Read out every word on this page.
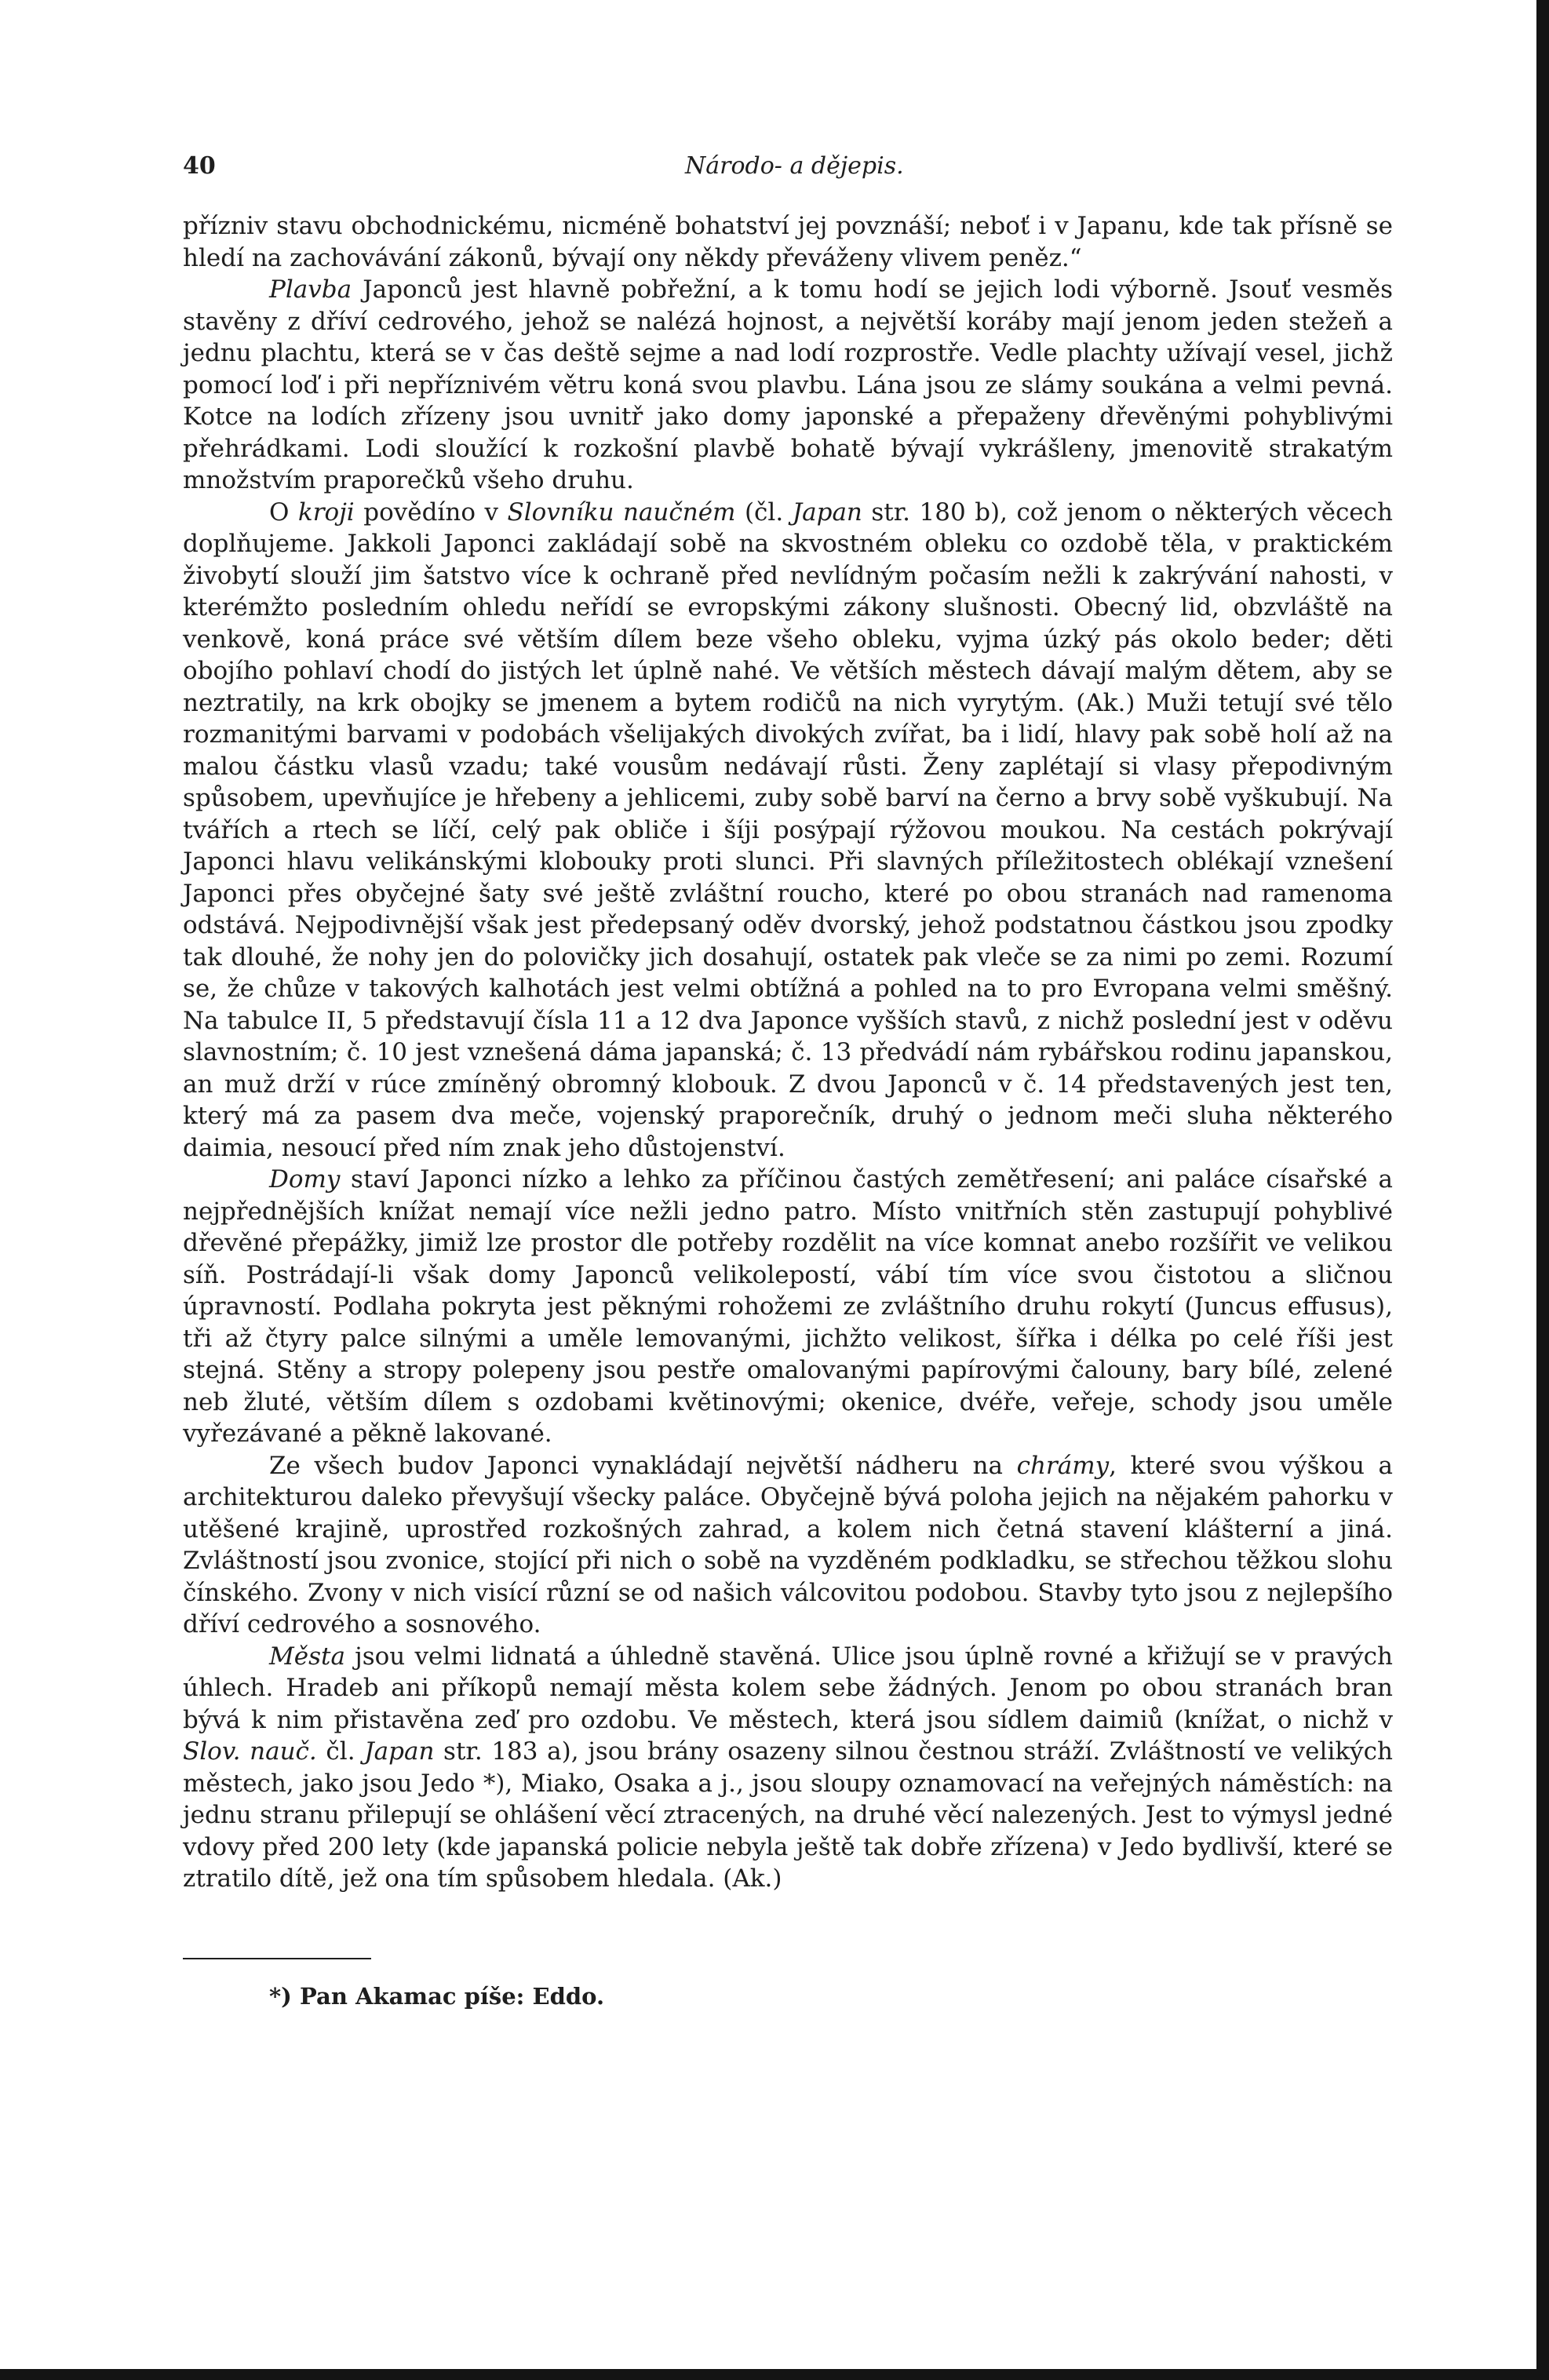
40	Národo- a dějepis.

přízniv stavu obchodnickému, nicméně bohatství jej povznáší; neboť i v Japanu, kde tak přísně se hledí na zachovávání zákonů, bývají ony někdy převáženy vlivem peněz.“

Plavba Japonců jest hlavně pobřežní, a k tomu hodí se jejich lodi výborně. Jsouť vesměs stavěny z dříví cedrového, jehož se nalézá hojnost, a největší koráby mají jenom jeden stežeň a jednu plachtu, která se v čas deště sejme a nad lodí rozprostře. Vedle plachty užívají vesel, jichž pomocí loď i při nepříznivém větru koná svou plavbu. Lána jsou ze slámy soukána a velmi pevná. Kotce na lodích zřízeny jsou uvnitř jako domy japonské a přepaženy dřevěnými pohyblivými přehrádkami. Lodi sloužící k rozkošní plavbě bohatě bývají vykrášleny, jmenovitě strakatým množstvím praporečků všeho druhu.

O kroji povědíno v Slovníku naučném (čl. Japan str. 180 b), což jenom o některých věcech doplňujeme. Jakkoli Japonci zakládají sobě na skvostném obleku co ozdobě těla, v praktickém živobytí slouží jim šatstvo více k ochraně před nevlídným počasím nežli k zakrývání nahosti, v kterémžto posledním ohledu neřídí se evropskými zákony slušnosti. Obecný lid, obzvláště na venkově, koná práce své větším dílem beze všeho obleku, vyjma úzký pás okolo beder; děti obojího pohlaví chodí do jistých let úplně nahé. Ve větších městech dávají malým dětem, aby se neztratily, na krk obojky se jmenem a bytem rodičů na nich vyrytým. (Ak.) Muži tetují své tělo rozmanitými barvami v podobách všelijakých divokých zvířat, ba i lidí, hlavy pak sobě holí až na malou částku vlasů vzadu; také vousům nedávají růsti. Ženy zaplétají si vlasy přepodivným spůsobem, upevňujíce je hřebeny a jehlicemi, zuby sobě barví na černo a brvy sobě vyškubují. Na tvářích a rtech se líčí, celý pak obliče i šíji posýpají rýžovou moukou. Na cestách pokrývají Japonci hlavu velikánskými klobouky proti slunci. Při slavných příležitostech oblékají vznešení Japonci přes obyčejné šaty své ještě zvláštní roucho, které po obou stranách nad ramenoma odstává. Nejpodivnější však jest předepsaný oděv dvorský, jehož podstatnou částkou jsou zpodky tak dlouhé, že nohy jen do polovičky jich dosahují, ostatek pak vleče se za nimi po zemi. Rozumí se, že chůze v takových kalhotách jest velmi obtížná a pohled na to pro Evropana velmi směšný. Na tabulce II, 5 představují čísla 11 a 12 dva Japonce vyšších stavů, z nichž poslední jest v oděvu slavnostním; č. 10 jest vznešená dáma japanská; č. 13 předvádí nám rybářskou rodinu japanskou, an muž drží v rúce zmíněný obromný klobouk. Z dvou Japonců v č. 14 představených jest ten, který má za pasem dva meče, vojenský praporečník, druhý o jednom meči sluha některého daimia, nesoucí před ním znak jeho důstojenství.

Domy staví Japonci nízko a lehko za příčinou častých zemětřesení; ani paláce císařské a nejpřednějších knížat nemají více nežli jedno patro. Místo vnitřních stěn zastupují pohyblivé dřevěné přepážky, jimiž lze prostor dle potřeby rozdělit na více komnat anebo rozšířit ve velikou síň. Postrádají-li však domy Japonců velikolepostí, vábí tím více svou čistotou a sličnou úpravností. Podlaha pokryta jest pěknými rohožemi ze zvláštního druhu rokytí (Juncus effusus), tři až čtyry palce silnými a uměle lemovanými, jichžto velikost, šířka i délka po celé říši jest stejná. Stěny a stropy polepeny jsou pestře omalovanými papírovými čalouny, bary bílé, zelené neb žluté, větším dílem s ozdobami květinovými; okenice, dvéře, veřeje, schody jsou uměle vyřezávané a pěkně lakované.

Ze všech budov Japonci vynakládají největší nádheru na chrámy, které svou výškou a architekturou daleko převyšují všecky paláce. Obyčejně bývá poloha jejich na nějakém pahorku v utěšené krajině, uprostřed rozkošných zahrad, a kolem nich četná stavení klášterní a jiná. Zvláštností jsou zvonice, stojící při nich o sobě na vyzděném podkladku, se střechou těžkou slohu čínského. Zvony v nich visící různí se od našich válcovitou podobou. Stavby tyto jsou z nejlepšího dříví cedrového a sosnového.

Města jsou velmi lidnatá a úhledně stavěná. Ulice jsou úplně rovné a křižují se v pravých úhlech. Hradeb ani příkopů nemají města kolem sebe žádných. Jenom po obou stranách bran bývá k nim přistavěna zeď pro ozdobu. Ve městech, která jsou sídlem daimiů (knížat, o nichž v Slov. nauč. čl. Japan str. 183 a), jsou brány osazeny silnou čestnou stráží. Zvláštností ve velikých městech, jako jsou Jedo *), Miako, Osaka a j., jsou sloupy oznamovací na veřejných náměstích: na jednu stranu přilepují se ohlášení věcí ztracených, na druhé věcí nalezených. Jest to výmysl jedné vdovy před 200 lety (kde japanská policie nebyla ještě tak dobře zřízena) v Jedo bydlivší, které se ztratilo dítě, jež ona tím spůsobem hledala. (Ak.)

*) Pan Akamac píše: Eddo.
